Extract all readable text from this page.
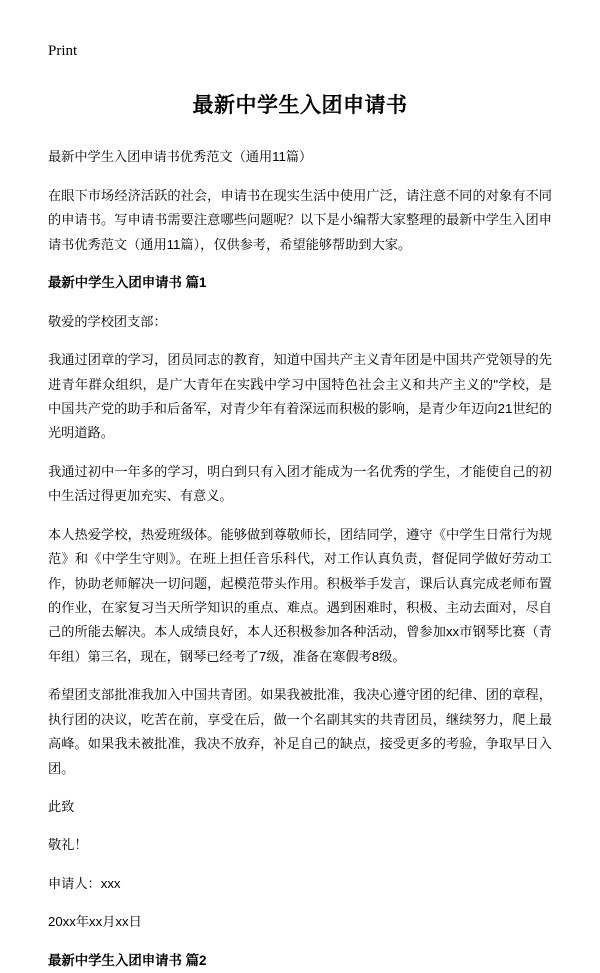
Print
最新中学生入团申请书

最新中学生入团申请书优秀范文（通用11篇）

在眼下市场经济活跃的社会，申请书在现实生活中使用广泛，请注意不同的对象有不同的申请书。写申请书需要注意哪些问题呢？以下是小编帮大家整理的最新中学生入团申请书优秀范文（通用11篇），仅供参考，希望能够帮助到大家。

最新中学生入团申请书 篇1

敬爱的学校团支部：

我通过团章的学习，团员同志的教育，知道中国共产主义青年团是中国共产党领导的先进青年群众组织，是广大青年在实践中学习中国特色社会主义和共产主义的"学校，是中国共产党的助手和后备军，对青少年有着深远而积极的影响，是青少年迈向21世纪的光明道路。

我通过初中一年多的学习，明白到只有入团才能成为一名优秀的学生，才能使自己的初中生活过得更加充实、有意义。

本人热爱学校，热爱班级体。能够做到尊敬师长，团结同学，遵守《中学生日常行为规范》和《中学生守则》。在班上担任音乐科代，对工作认真负责，督促同学做好劳动工作，协助老师解决一切问题，起模范带头作用。积极举手发言，课后认真完成老师布置的作业，在家复习当天所学知识的重点、难点。遇到困难时，积极、主动去面对，尽自己的所能去解决。本人成绩良好，本人还积极参加各种活动，曾参加xx市钢琴比赛（青年组）第三名，现在，钢琴已经考了7级，准备在寒假考8级。

希望团支部批准我加入中国共青团。如果我被批准，我决心遵守团的纪律、团的章程，执行团的决议，吃苦在前，享受在后，做一个名副其实的共青团员，继续努力，爬上最高峰。如果我未被批准，我决不放弃，补足自己的缺点，接受更多的考验，争取早日入团。

此致

敬礼！

申请人：xxx

20xx年xx月xx日

最新中学生入团申请书 篇2
